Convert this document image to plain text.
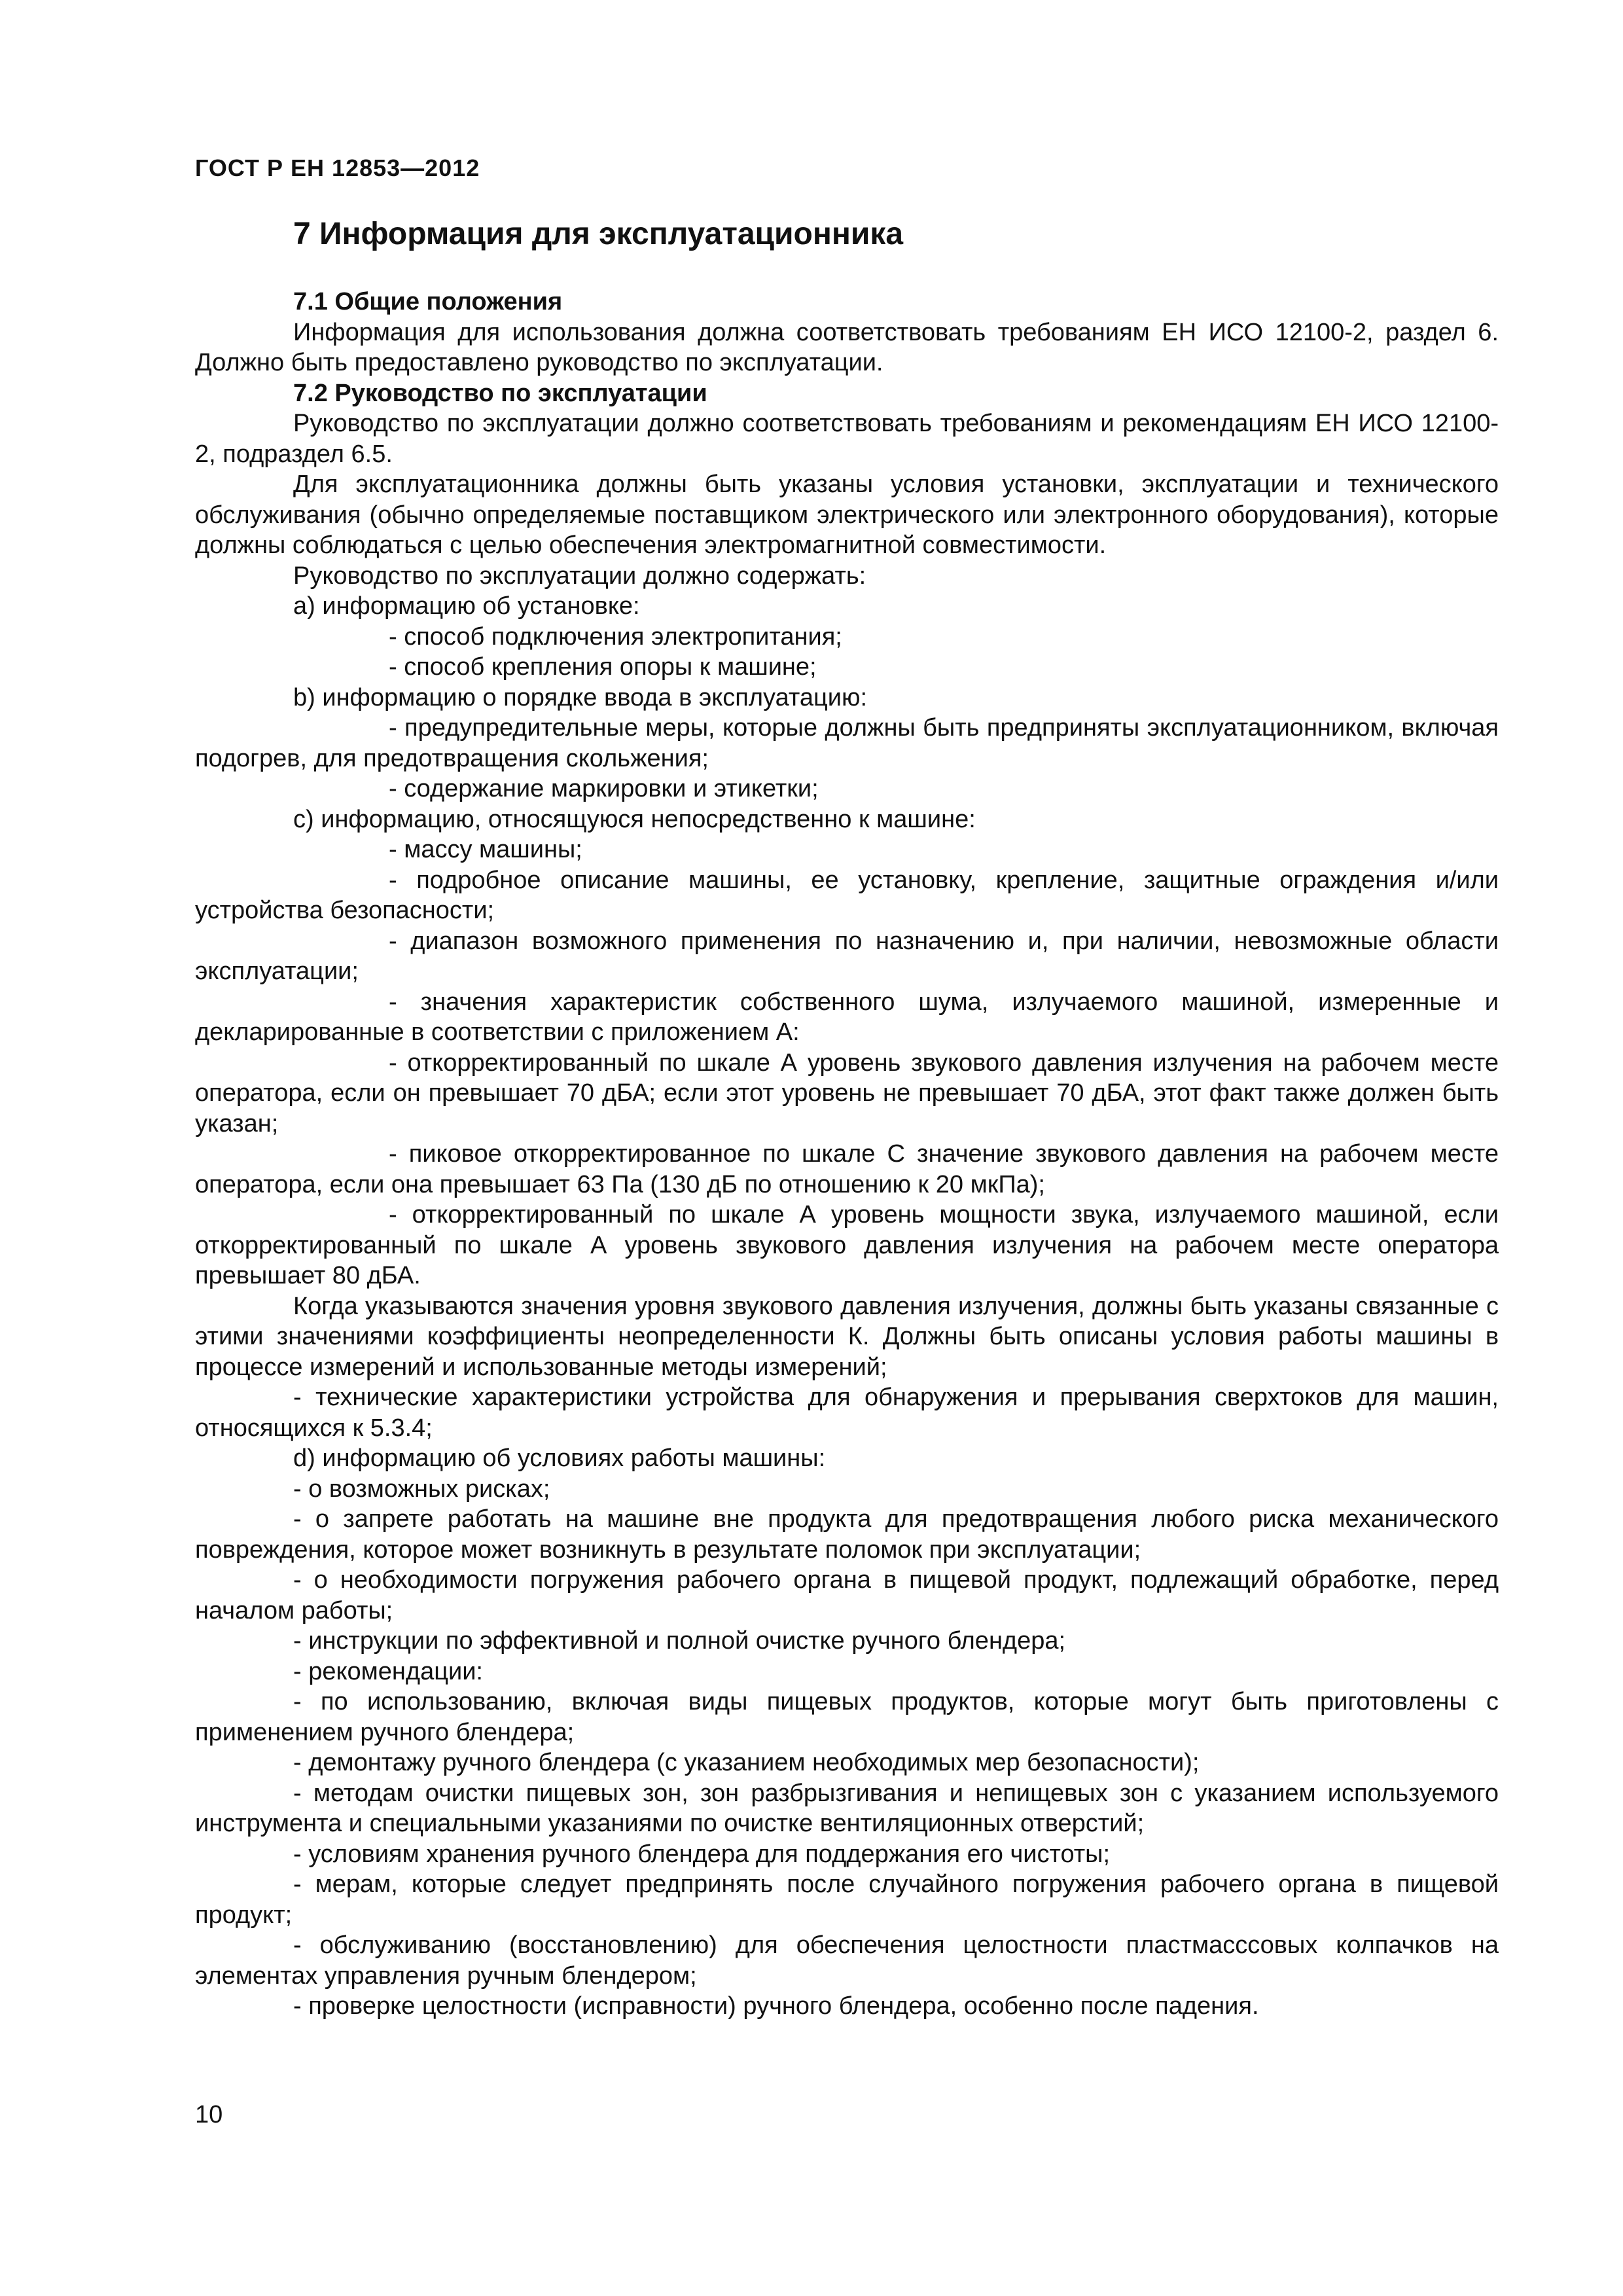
ГОСТ Р ЕН 12853—2012

7 Информация для эксплуатационника

7.1 Общие положения

Информация для использования должна соответствовать требованиям ЕН ИСО 12100-2, раздел 6. Должно быть предоставлено руководство по эксплуатации.

7.2 Руководство по эксплуатации

Руководство по эксплуатации должно соответствовать требованиям и рекомендациям ЕН ИСО 12100-2, подраздел 6.5.

Для эксплуатационника должны быть указаны условия установки, эксплуатации и технического обслуживания (обычно определяемые поставщиком электрического или электронного оборудования), которые должны соблюдаться с целью обеспечения электромагнитной совместимости.

Руководство по эксплуатации должно содержать:

a) информацию об установке:

- способ подключения электропитания;

- способ крепления опоры к машине;

b) информацию о порядке ввода в эксплуатацию:

- предупредительные меры, которые должны быть предприняты эксплуатационником, включая подогрев, для предотвращения скольжения;

- содержание маркировки и этикетки;

c) информацию, относящуюся непосредственно к машине:

- массу машины;

- подробное описание машины, ее установку, крепление, защитные ограждения и/или устройства безопасности;

- диапазон возможного применения по назначению и, при наличии, невозможные области эксплуатации;

- значения характеристик собственного шума, излучаемого машиной, измеренные и декларированные в соответствии с приложением А:

- откорректированный по шкале А уровень звукового давления излучения на рабочем месте оператора, если он превышает 70 дБА; если этот уровень не превышает 70 дБА, этот факт также должен быть указан;

- пиковое откорректированное по шкале С значение звукового давления на рабочем месте оператора, если она превышает 63 Па (130 дБ по отношению к 20 мкПа);

- откорректированный по шкале А уровень мощности звука, излучаемого машиной, если откорректированный по шкале А уровень звукового давления излучения на рабочем месте оператора превышает 80 дБА.

Когда указываются значения уровня звукового давления излучения, должны быть указаны связанные с этими значениями коэффициенты неопределенности К. Должны быть описаны условия работы машины в процессе измерений и использованные методы измерений;

- технические характеристики устройства для обнаружения и прерывания сверхтоков для машин, относящихся к 5.3.4;

d) информацию об условиях работы машины:

- о возможных рисках;

- о запрете работать на машине вне продукта для предотвращения любого риска механического повреждения, которое может возникнуть в результате поломок при эксплуатации;

- о необходимости погружения рабочего органа в пищевой продукт, подлежащий обработке, перед началом работы;

- инструкции по эффективной и полной очистке ручного блендера;

- рекомендации:

- по использованию, включая виды пищевых продуктов, которые могут быть приготовлены с применением ручного блендера;

- демонтажу ручного блендера (с указанием необходимых мер безопасности);

- методам очистки пищевых зон, зон разбрызгивания и непищевых зон с указанием используемого инструмента и специальными указаниями по очистке вентиляционных отверстий;

- условиям хранения ручного блендера для поддержания его чистоты;

- мерам, которые следует предпринять после случайного погружения рабочего органа в пищевой продукт;

- обслуживанию (восстановлению) для обеспечения целостности пластмасссовых колпачков на элементах управления ручным блендером;

- проверке целостности (исправности) ручного блендера, особенно после падения.

10
